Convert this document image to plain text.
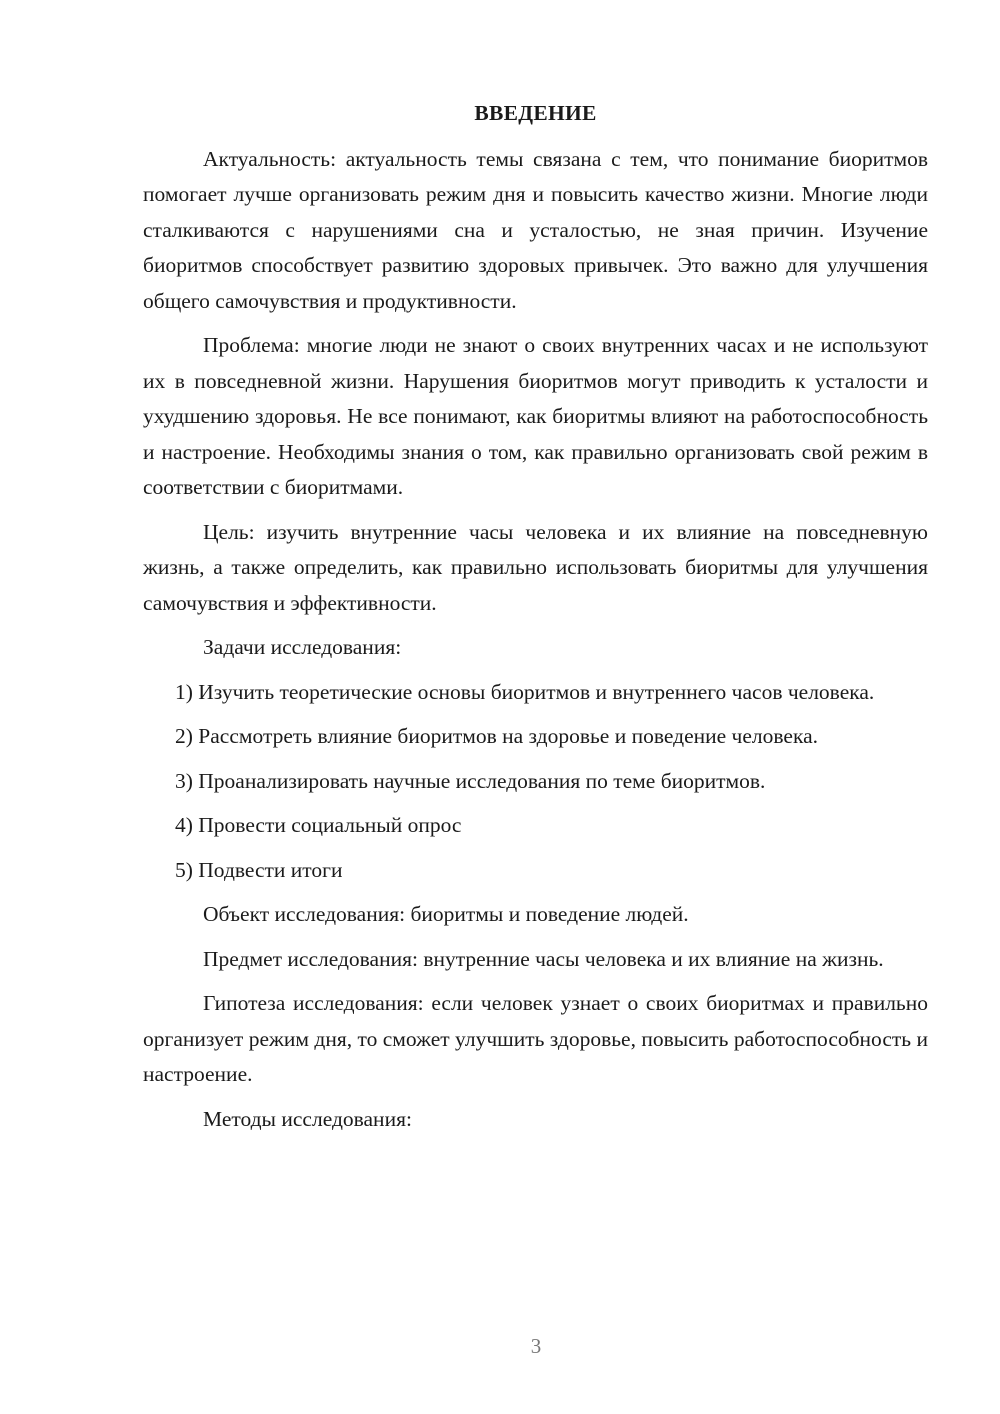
ВВЕДЕНИЕ

Актуальность: актуальность темы связана с тем, что понимание биоритмов помогает лучше организовать режим дня и повысить качество жизни. Многие люди сталкиваются с нарушениями сна и усталостью, не зная причин. Изучение биоритмов способствует развитию здоровых привычек. Это важно для улучшения общего самочувствия и продуктивности.

Проблема: многие люди не знают о своих внутренних часах и не используют их в повседневной жизни. Нарушения биоритмов могут приводить к усталости и ухудшению здоровья. Не все понимают, как биоритмы влияют на работоспособность и настроение. Необходимы знания о том, как правильно организовать свой режим в соответствии с биоритмами.

Цель: изучить внутренние часы человека и их влияние на повседневную жизнь, а также определить, как правильно использовать биоритмы для улучшения самочувствия и эффективности.

Задачи исследования:

1) Изучить теоретические основы биоритмов и внутреннего часов человека.

2) Рассмотреть влияние биоритмов на здоровье и поведение человека.

3) Проанализировать научные исследования по теме биоритмов.

4) Провести социальный опрос

5) Подвести итоги

Объект исследования: биоритмы и поведение людей.

Предмет исследования: внутренние часы человека и их влияние на жизнь.

Гипотеза исследования: если человек узнает о своих биоритмах и правильно организует режим дня, то сможет улучшить здоровье, повысить работоспособность и настроение.

Методы исследования:

3
